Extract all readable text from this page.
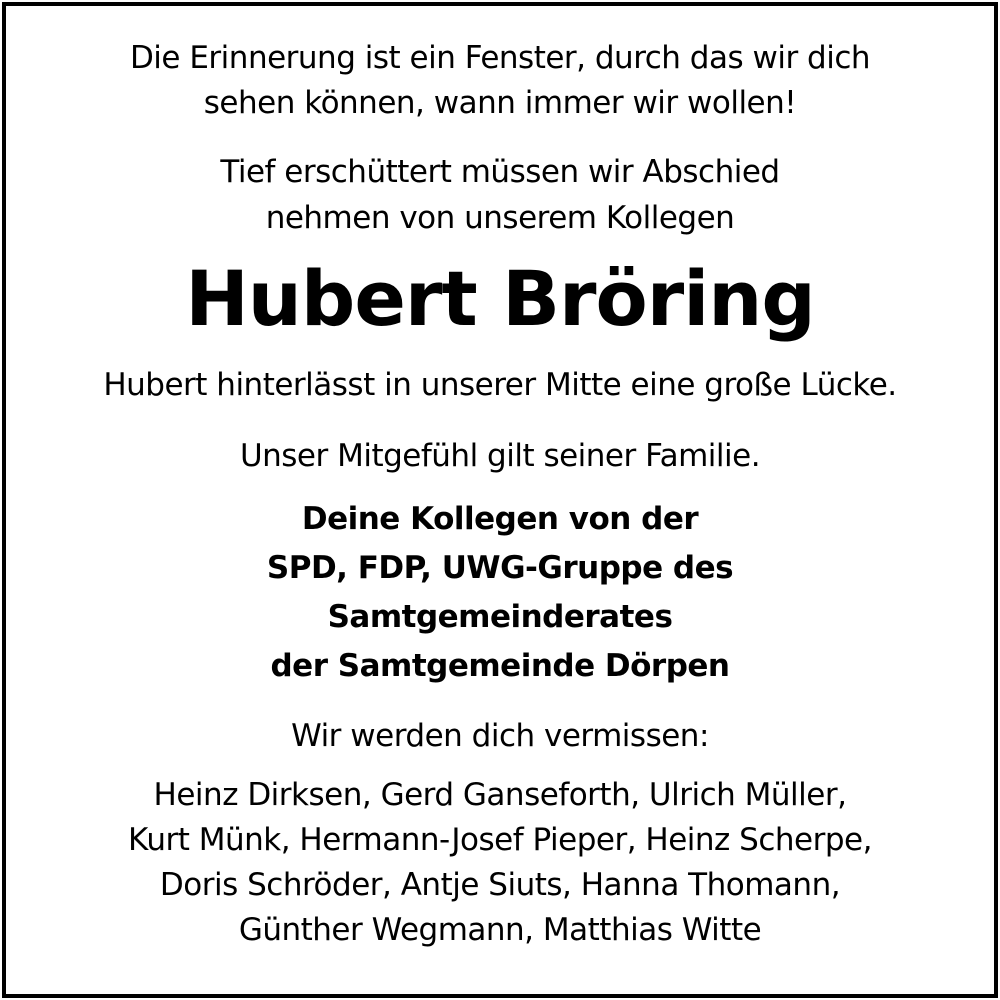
Die Erinnerung ist ein Fenster, durch das wir dich
sehen können, wann immer wir wollen!
Tief erschüttert müssen wir Abschied
nehmen von unserem Kollegen
Hubert Bröring
Hubert hinterlässt in unserer Mitte eine große Lücke.
Unser Mitgefühl gilt seiner Familie.
Deine Kollegen von der
SPD, FDP, UWG-Gruppe des
Samtgemeinderates
der Samtgemeinde Dörpen
Wir werden dich vermissen:
Heinz Dirksen, Gerd Ganseforth, Ulrich Müller,
Kurt Münk, Hermann-Josef Pieper, Heinz Scherpe,
Doris Schröder, Antje Siuts, Hanna Thomann,
Günther Wegmann, Matthias Witte
